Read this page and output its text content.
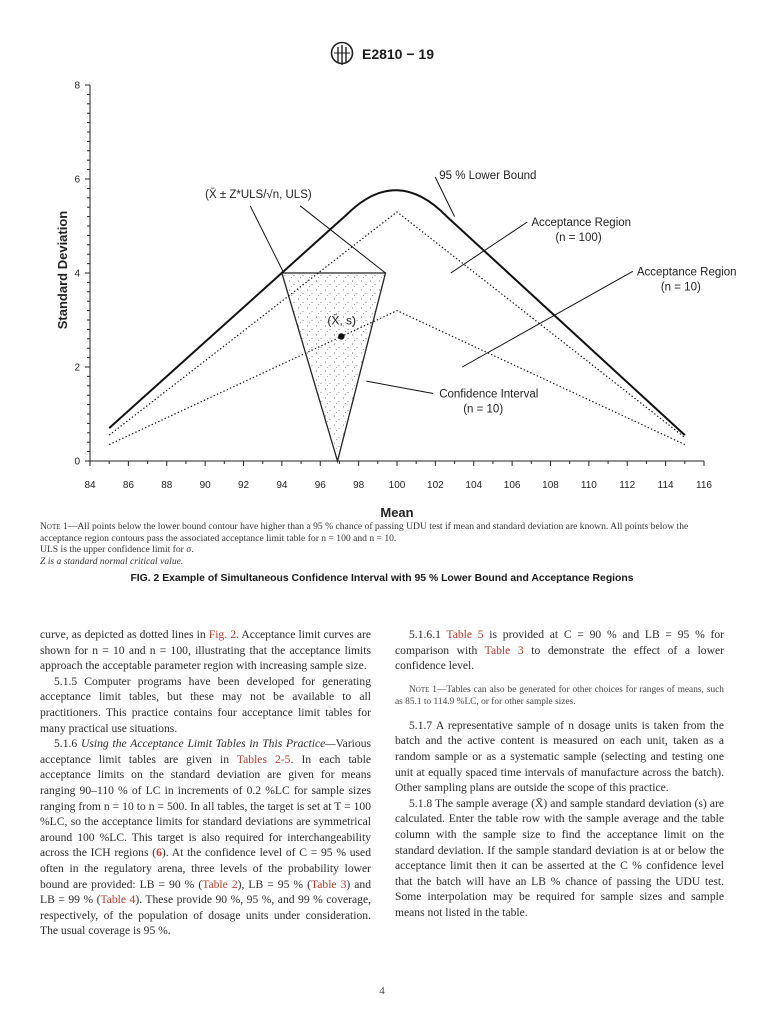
E2810 − 19
84	86	88	90	92	94	96	98 100 102 104 106 108 110 112 114 116
0
2
4
6
8
(X̄, s)
95 % Lower Bound
Acceptance Region
(n = 100)
Acceptance Region
(n = 10)
(X̄ ± Z*ULS/√n, ULS)
Confidence Interval
(n = 10)
Standard Deviation
Mean

Note 1—All points below the lower bound contour have higher than a 95 % chance of passing UDU test if mean and standard deviation are known. All points below the acceptance region contours pass the associated acceptance limit table for n = 100 and n = 10.

ULS is the upper confidence limit for σ.

Z is a standard normal critical value.

FIG. 2 Example of Simultaneous Confidence Interval with 95 % Lower Bound and Acceptance Regions

curve, as depicted as dotted lines in Fig. 2. Acceptance limit curves are shown for n = 10 and n = 100, illustrating that the acceptance limits approach the acceptable parameter region with increasing sample size.

5.1.5 Computer programs have been developed for generating acceptance limit tables, but these may not be available to all practitioners. This practice contains four acceptance limit tables for many practical use situations.

5.1.6 Using the Acceptance Limit Tables in This Practice—Various acceptance limit tables are given in Tables 2-5. In each table acceptance limits on the standard deviation are given for means ranging 90–110 % of LC in increments of 0.2 %LC for sample sizes ranging from n = 10 to n = 500. In all tables, the target is set at T = 100 %LC, so the acceptance limits for standard deviations are symmetrical around 100 %LC. This target is also required for interchangeability across the ICH regions (6). At the confidence level of C = 95 % used often in the regulatory arena, three levels of the probability lower bound are provided: LB = 90 % (Table 2), LB = 95 % (Table 3) and LB = 99 % (Table 4). These provide 90 %, 95 %, and 99 % coverage, respectively, of the population of dosage units under consideration. The usual coverage is 95 %.

5.1.6.1 Table 5 is provided at C = 90 % and LB = 95 % for comparison with Table 3 to demonstrate the effect of a lower confidence level.

Note 1—Tables can also be generated for other choices for ranges of means, such as 85.1 to 114.9 %LC, or for other sample sizes.

5.1.7 A representative sample of n dosage units is taken from the batch and the active content is measured on each unit, taken as a random sample or as a systematic sample (selecting and testing one unit at equally spaced time intervals of manufacture across the batch). Other sampling plans are outside the scope of this practice.

5.1.8 The sample average (X̄) and sample standard deviation (s) are calculated. Enter the table row with the sample average and the table column with the sample size to find the acceptance limit on the standard deviation. If the sample standard deviation is at or below the acceptance limit then it can be asserted at the C % confidence level that the batch will have an LB % chance of passing the UDU test. Some interpolation may be required for sample sizes and sample means not listed in the table.

4
